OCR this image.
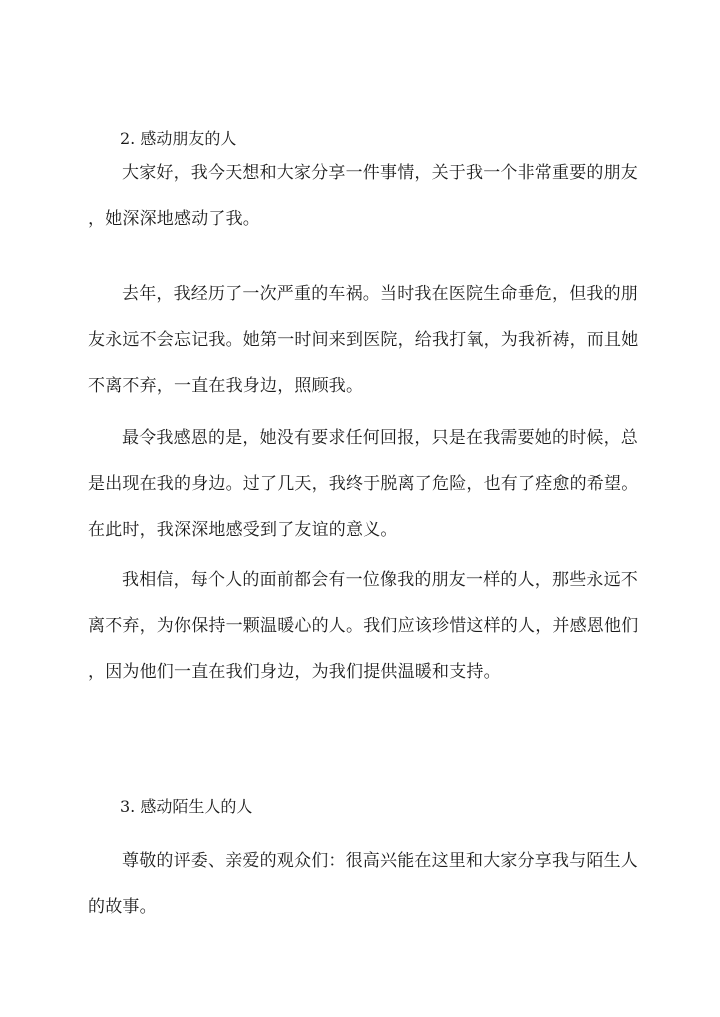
2. 感动朋友的人
大家好，我今天想和大家分享一件事情，关于我一个非常重要的朋友
，她深深地感动了我。
去年，我经历了一次严重的车祸。当时我在医院生命垂危，但我的朋
友永远不会忘记我。她第一时间来到医院，给我打氧，为我祈祷，而且她
不离不弃，一直在我身边，照顾我。
最令我感恩的是，她没有要求任何回报，只是在我需要她的时候，总
是出现在我的身边。过了几天，我终于脱离了危险，也有了痊愈的希望。
在此时，我深深地感受到了友谊的意义。
我相信，每个人的面前都会有一位像我的朋友一样的人，那些永远不
离不弃，为你保持一颗温暖心的人。我们应该珍惜这样的人，并感恩他们
，因为他们一直在我们身边，为我们提供温暖和支持。
3. 感动陌生人的人
尊敬的评委、亲爱的观众们：很高兴能在这里和大家分享我与陌生人
的故事。
